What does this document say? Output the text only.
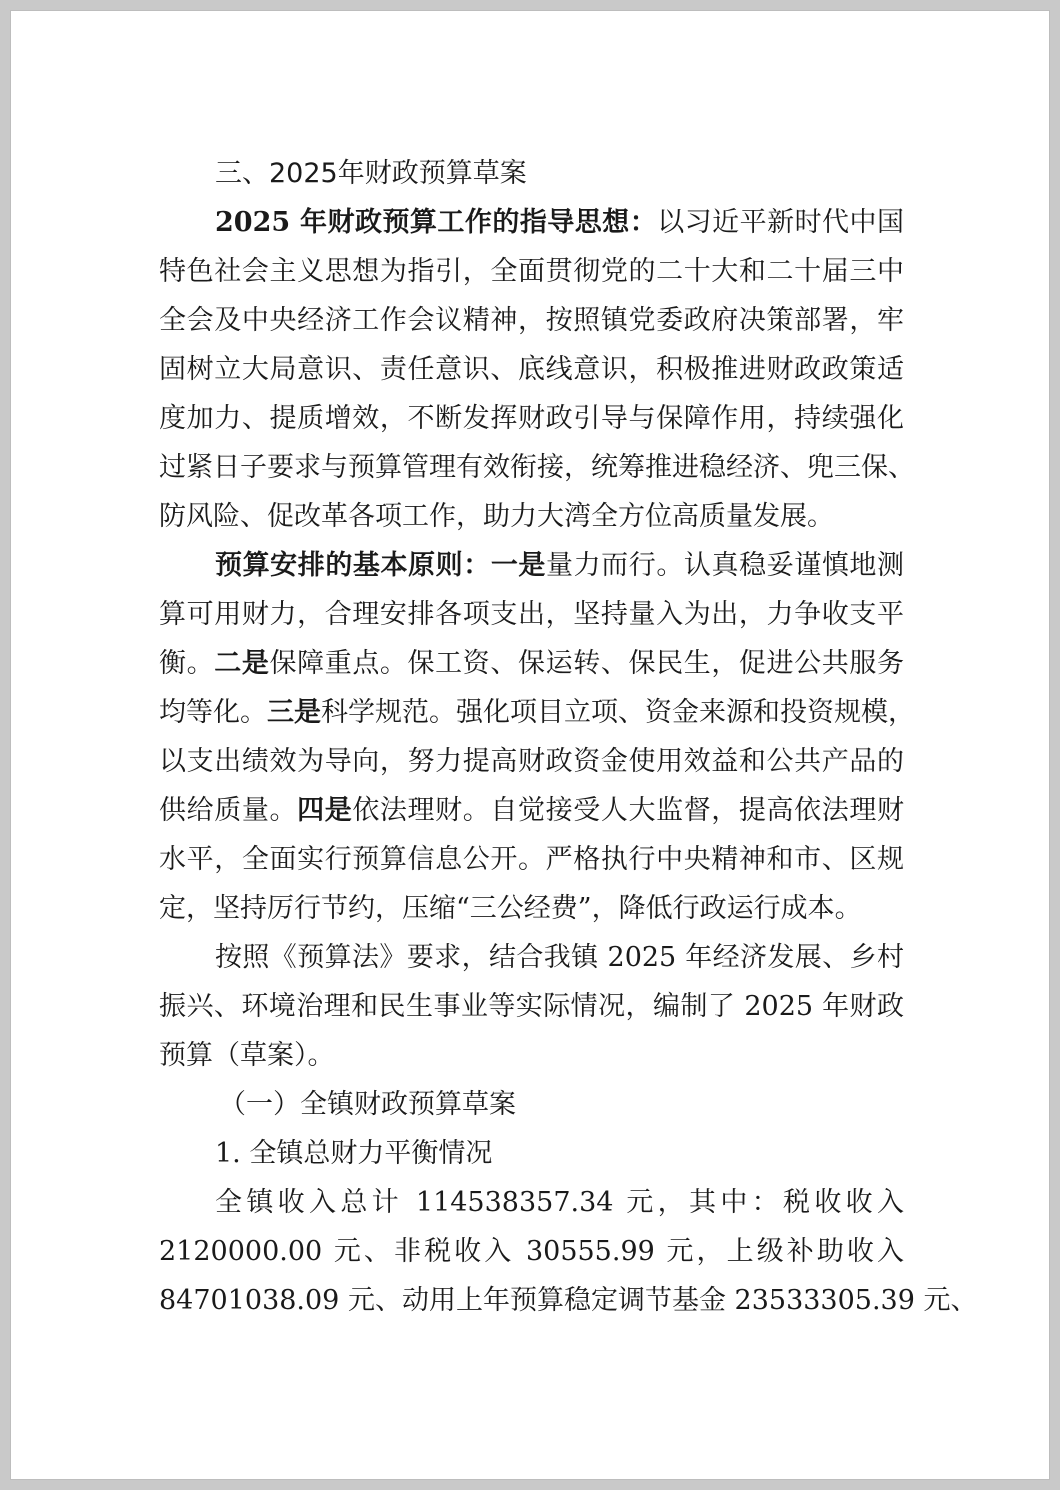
三、2025年财政预算草案
2025 年财政预算工作的指导思想：以习近平新时代中国
特色社会主义思想为指引，全面贯彻党的二十大和二十届三中
全会及中央经济工作会议精神，按照镇党委政府决策部署，牢
固树立大局意识、责任意识、底线意识，积极推进财政政策适
度加力、提质增效，不断发挥财政引导与保障作用，持续强化
过紧日子要求与预算管理有效衔接，统筹推进稳经济、兜三保、
防风险、促改革各项工作，助力大湾全方位高质量发展。
预算安排的基本原则：一是量力而行。认真稳妥谨慎地测
算可用财力，合理安排各项支出，坚持量入为出，力争收支平
衡。二是保障重点。保工资、保运转、保民生，促进公共服务
均等化。三是科学规范。强化项目立项、资金来源和投资规模，
以支出绩效为导向，努力提高财政资金使用效益和公共产品的
供给质量。四是依法理财。自觉接受人大监督，提高依法理财
水平，全面实行预算信息公开。严格执行中央精神和市、区规
定，坚持厉行节约，压缩“三公经费”，降低行政运行成本。
按照《预算法》要求，结合我镇 2025 年经济发展、乡村
振兴、环境治理和民生事业等实际情况，编制了 2025 年财政
预算（草案）。
（一）全镇财政预算草案
1. 全镇总财力平衡情况
全镇收入总计 114538357.34 元，其中：税收收入
2120000.00 元、非税收入 30555.99 元，上级补助收入
84701038.09 元、动用上年预算稳定调节基金 23533305.39 元、
